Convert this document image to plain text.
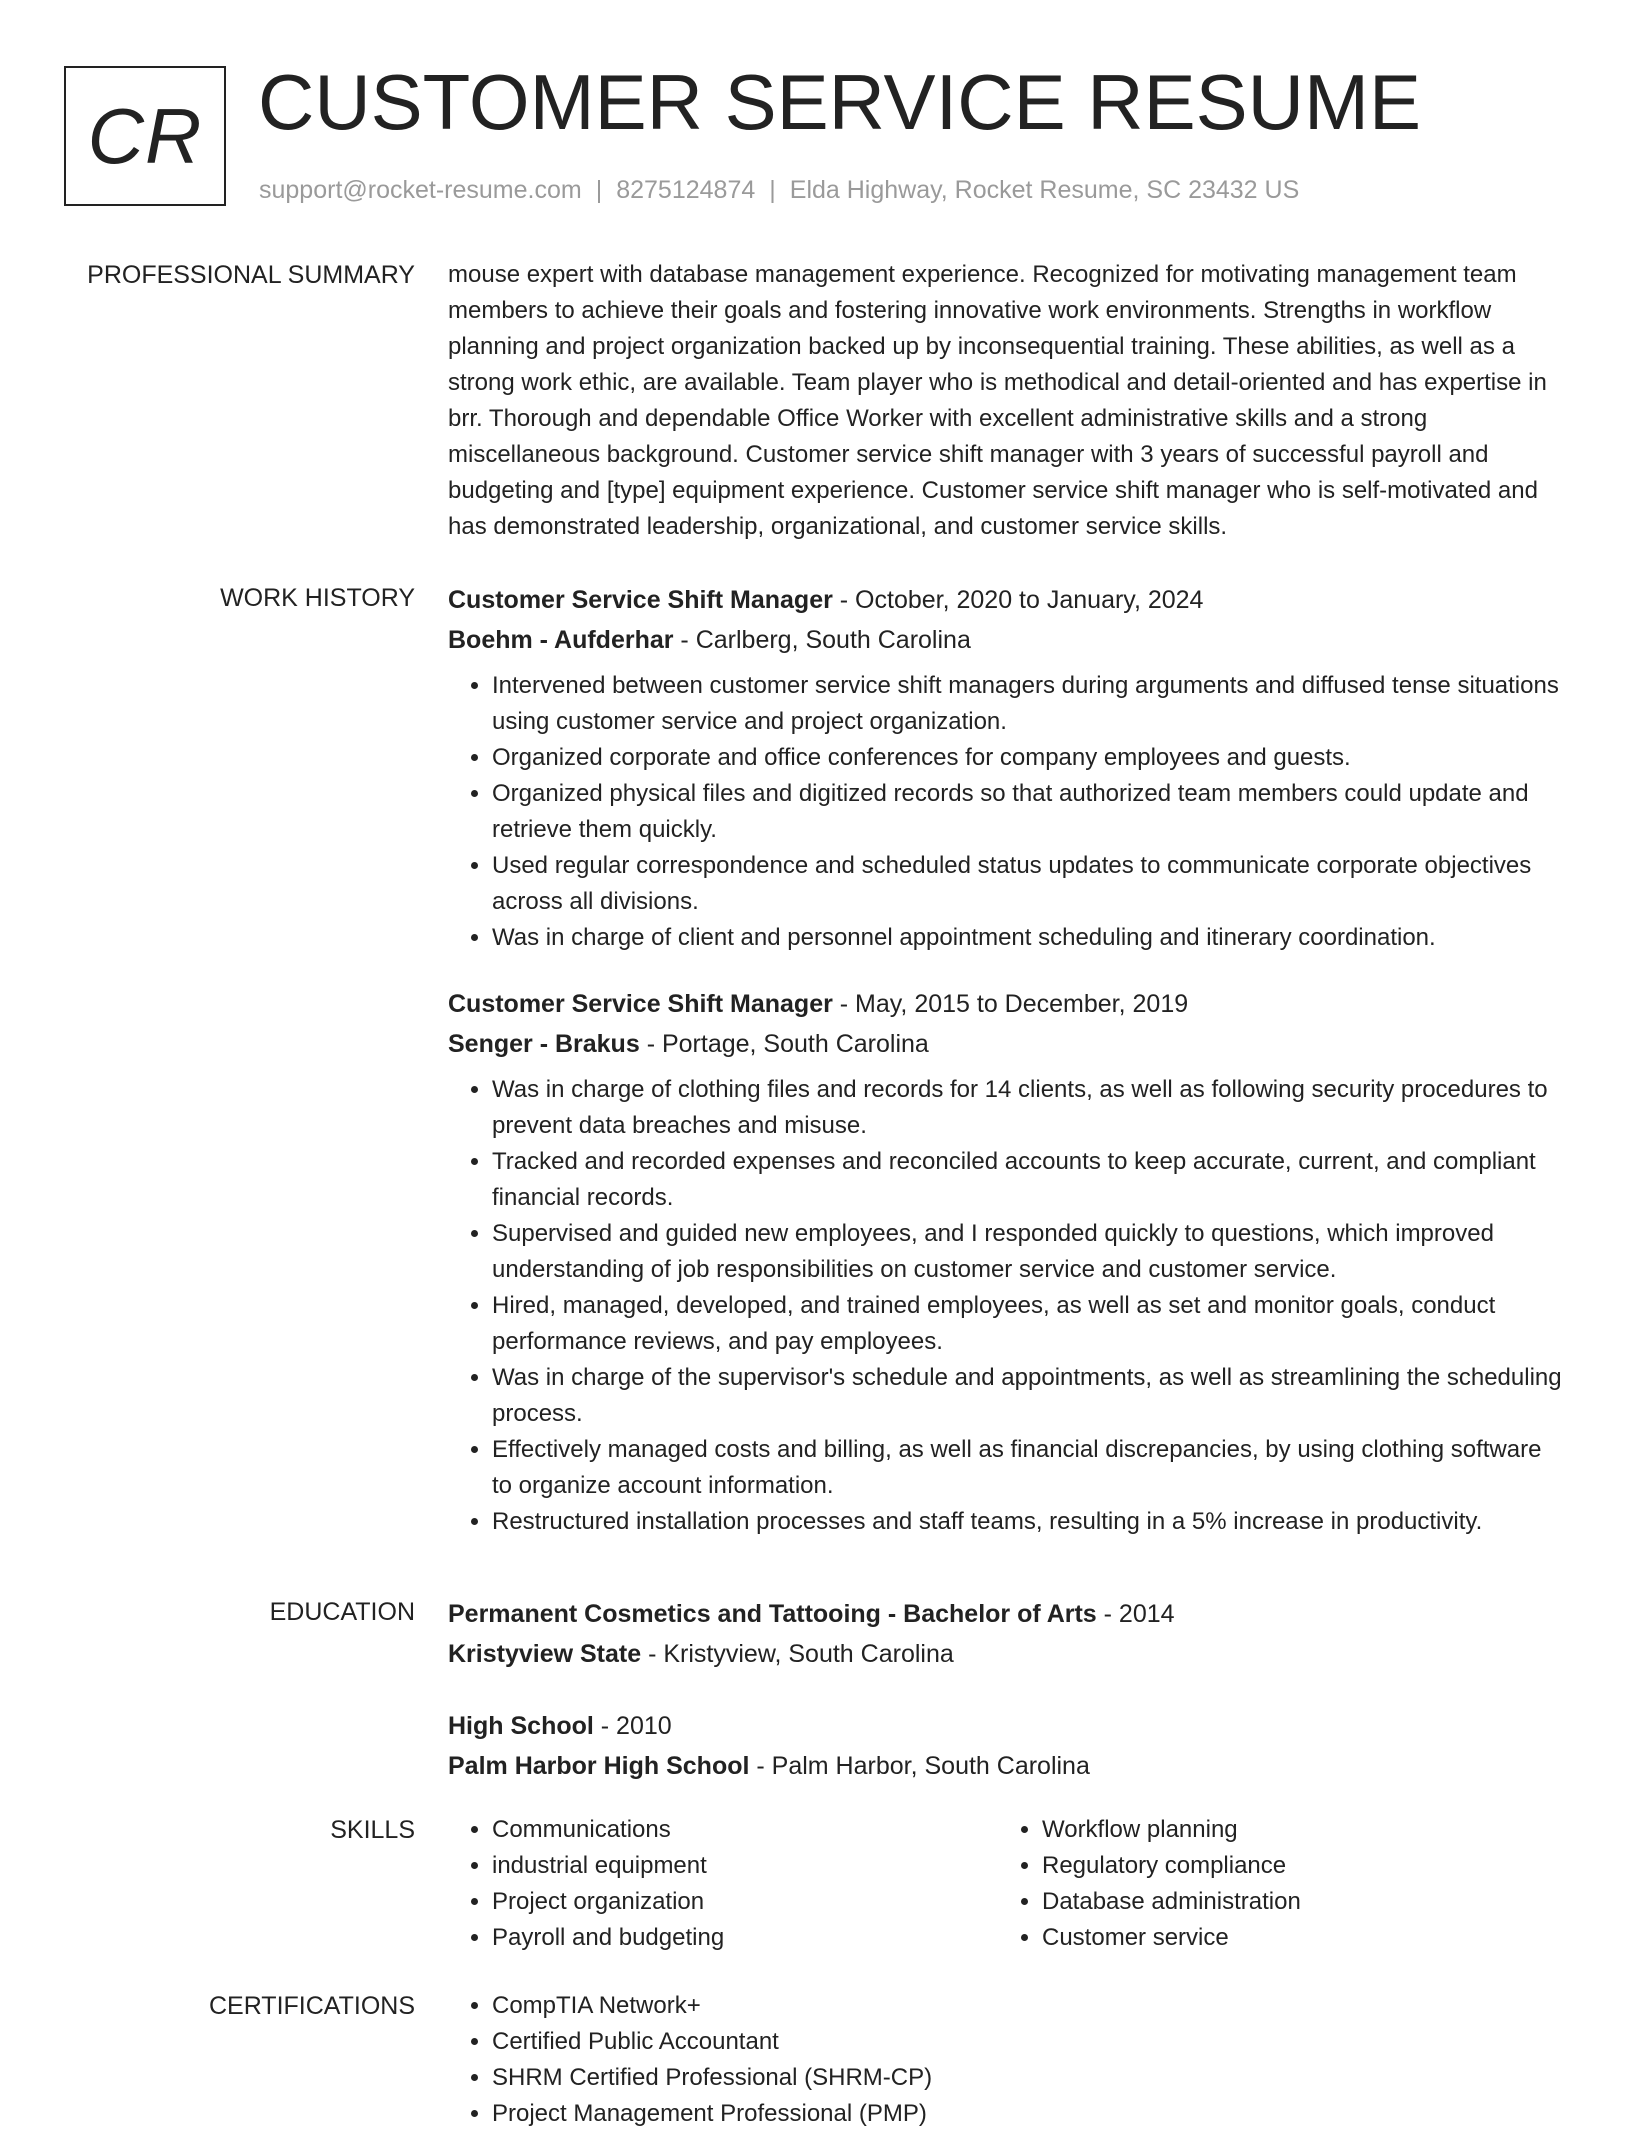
CR CUSTOMER SERVICE RESUME
support@rocket-resume.com | 8275124874 | Elda Highway, Rocket Resume, SC 23432 US
PROFESSIONAL SUMMARY mouse expert with database management experience. Recognized for motivating management team members to achieve their goals and fostering innovative work environments. Strengths in workflow planning and project organization backed up by inconsequential training. These abilities, as well as a strong work ethic, are available. Team player who is methodical and detail-oriented and has expertise in brr. Thorough and dependable Office Worker with excellent administrative skills and a strong miscellaneous background. Customer service shift manager with 3 years of successful payroll and budgeting and [type] equipment experience. Customer service shift manager who is self-motivated and has demonstrated leadership, organizational, and customer service skills.

WORK HISTORY Customer Service Shift Manager - October, 2020 to January, 2024
Boehm - Aufderhar - Carlberg, South Carolina
• Intervened between customer service shift managers during arguments and diffused tense situations using customer service and project organization.
• Organized corporate and office conferences for company employees and guests.
• Organized physical files and digitized records so that authorized team members could update and retrieve them quickly.
• Used regular correspondence and scheduled status updates to communicate corporate objectives across all divisions.
• Was in charge of client and personnel appointment scheduling and itinerary coordination.
Customer Service Shift Manager - May, 2015 to December, 2019
Senger - Brakus - Portage, South Carolina
• Was in charge of clothing files and records for 14 clients, as well as following security procedures to prevent data breaches and misuse.
• Tracked and recorded expenses and reconciled accounts to keep accurate, current, and compliant financial records.
• Supervised and guided new employees, and I responded quickly to questions, which improved understanding of job responsibilities on customer service and customer service.
• Hired, managed, developed, and trained employees, as well as set and monitor goals, conduct performance reviews, and pay employees.
• Was in charge of the supervisor's schedule and appointments, as well as streamlining the scheduling process.
• Effectively managed costs and billing, as well as financial discrepancies, by using clothing software to organize account information.
• Restructured installation processes and staff teams, resulting in a 5% increase in productivity.
EDUCATION Permanent Cosmetics and Tattooing - Bachelor of Arts - 2014
Kristyview State - Kristyview, South Carolina
High School - 2010
Palm Harbor High School - Palm Harbor, South Carolina
SKILLS	• Communications
• industrial equipment
• Project organization
• Payroll and budgeting
• Workflow planning
• Regulatory compliance
• Database administration
• Customer service
CERTIFICATIONS	• CompTIA Network+
• Certified Public Accountant
• SHRM Certified Professional (SHRM-CP)
• Project Management Professional (PMP)
